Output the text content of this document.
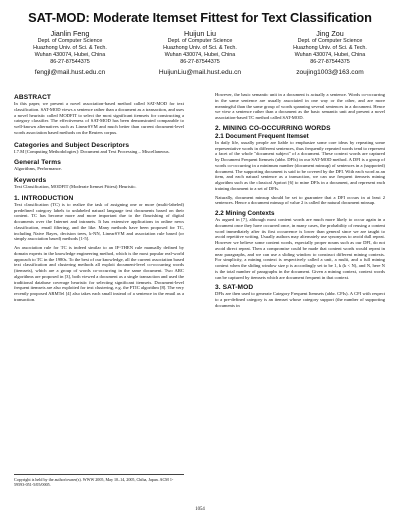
SAT-MOD: Moderate Itemset Fittest for Text Classification
Jianlin Feng
Dept. of Computer Science
Huazhong Univ. of Sci. & Tech.
Wuhan 430074, Hubei, China
86-27-87544375
fengjl@mail.hust.edu.cn
Huijun Liu
Dept. of Computer Science
Huazhong Univ. of Sci. & Tech.
Wuhan 430074, Hubei, China
86-27-87544375
HuijunLiu@mail.hust.edu.cn
Jing Zou
Dept. of Computer Science
Huazhong Univ. of Sci. & Tech.
Wuhan 430074, Hubei, China
86-27-87544375
zoujing1003@163.com
ABSTRACT

In this paper, we present a novel association-based method called SAT-MOD for text classification. SAT-MOD views a sentence rather than a document as a transaction, and uses a novel heuristic called MODFIT to select the most significant itemsets for constructing a category classifier. The effectiveness of SAT-MOD has been demonstrated comparable to well-known alternatives such as LinearSVM and much better than current document-level words association based methods on the Reuters corpus.

Categories and Subject Descriptors

I.7.M [Computing Methodologies]: Document and Text Processing – Miscellaneous.

General Terms

Algorithms, Performance.

Keywords

Text Classification, MODFIT (Moderate Itemset Fittest) Heuristic.

1. INTRODUCTION

Text classification (TC) is to realize the task of assigning one or more (multi-labeled) predefined category labels to unlabeled natural language text documents based on their content. TC has become more and more important due to the flourishing of digital documents over the Internet and intranets. It has extensive applications in online news classification, email filtering, and the like. Many methods have been proposed for TC, including Naive Bayes, decision trees, k-NN, LinearSVM and association rule based (or simply association based) methods [1-5].

An association rule for TC is indeed similar to an IF-THEN rule manually defined by domain experts in the knowledge engineering method, which is the most popular real-world approach to TC in the 1980s. To the best of our knowledge, all the current association based text classification and clustering methods all exploit document-level co-occurring words (itemsets), which are a group of words co-occurring in the same document. Two ARC algorithms are proposed in [3], both viewed a document as a single transaction and used the traditional database coverage heuristic for selecting significant itemsets. Document-level frequent itemsets are also exploited for text clustering, e.g. the FTIC algorithm [8]. The very recently proposed ARMTel [4] also takes each small instead of a sentence in the email as a transaction.

Copyright is held by the author/owner(s). WWW 2005, May 10–14, 2005, Chiba, Japan. ACM 1-59593-051-5/05/0005.

However, the basic semantic unit in a document is actually a sentence. Words co-occurring in the same sentence are usually associated in one way or the other, and are more meaningful than the same group of words spanning several sentences in a document. Hence we view a sentence rather than a document as the basic semantic unit and present a novel association-based TC method called SAT-MOD.

2. MINING CO-OCCURRING WORDS
2.1 Document Frequent Itemset

In daily life, usually people are liable to emphasize some core ideas by repeating some representative words in different sentences, thus frequently repeated words tend to represent a facet of the whole "document subject" of a document. These context words are captured by Document Frequent Itemsets (abbr. DFIs) in our SAT-MOD method. A DFI is a group of words co-occurring in a minimum number (document minsup) of sentences in a (supported) document. The supporting document is said to be covered by the DFI. With each word as an item, and each natural sentence as a transaction, we can use frequent itemsets mining algorithm such as the classical Apriori [6] to mine DFIs in a document, and represent each training document to a set of DFIs.

Naturally, document minsup should be set to guarantee that a DFI occurs in at least 2 sentences. Hence a document minsup of value 2 is called the natural document minsup.

2.2 Mining Contexts

As argued in [7], although most content words are much more likely to occur again in a document once they have occurred once, in many cases, the probability of reusing a content word immediately after its first occurrence is lower than general since we are taught to avoid repetitive writing. Usually authors may alternately use synonyms to avoid dull repeat. However we believe some content words, especially proper nouns such as our DFI, do not avoid direct repeat. Then a compromise could be made that content words would repeat in near paragraphs, and we can use a sliding window to construct different mining contexts. For simplicity, a mining context is respectively called a unit, a multi, and a full mining context when the sliding window size p is accordingly set to be 1, k (k < N), and N, here N is the total number of paragraphs in the document. Given a mining context, context words can be captured by itemsets which are document frequent in that context.

3. SAT-MOD

DFIs are then used to generate Category Frequent Itemsets (abbr. CFIs). A CFI with respect to a pre-defined category is an itemset whose category support (the number of supporting documents in

1054
